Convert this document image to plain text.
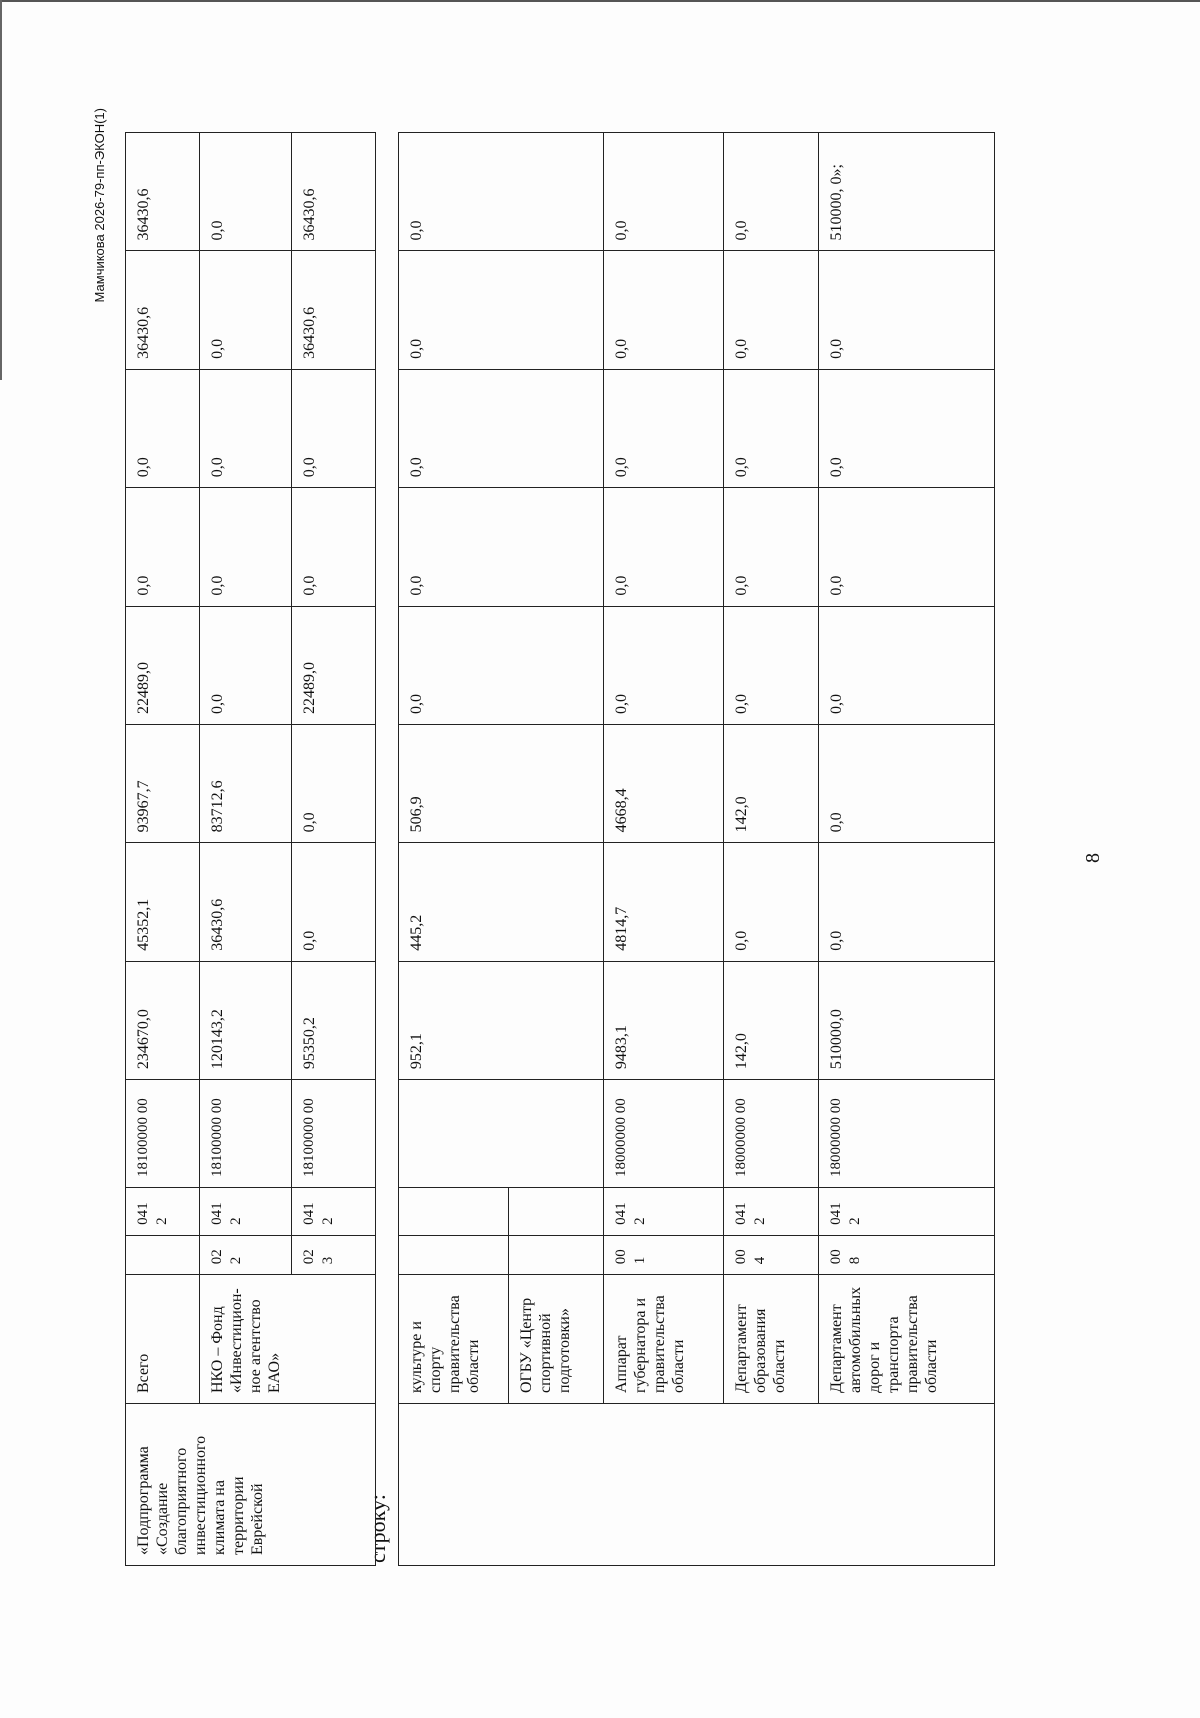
8
Мамчикова 2026-79-пп-ЭКОН(1)
	культуре и спорту правительства области				952,1	445,2	506,9	0,0	0,0	0,0	0,0	0,0
	ОГБУ «Центр спортивной подготовки»											
	Аппарат губернатора и правительства области	00 1	041 2	18000000 00	9483,1	4814,7	4668,4	0,0	0,0	0,0	0,0	0,0
	Департамент образования области	00 4	041 2	18000000 00	142,0	0,0	142,0	0,0	0,0	0,0	0,0	0,0
	Департамент автомобильных дорог и транспорта правительства области	00 8	041 2	18000000 00	510000,0	0,0	0,0	0,0	0,0	0,0	0,0	510000, 0»;
строку:
«Подпрограмма «Создание благоприятного инвестиционного климата на территории Еврейской	Всего		041 2	18100000 00	234670,0	45352,1	93967,7	22489,0	0,0	0,0	36430,6	36430,6
	НКО – Фонд «Инвестицион-ное агентство ЕАО»	02 2	041 2	18100000 00	120143,2	36430,6	83712,6	0,0	0,0	0,0	0,0	0,0
		02 3	041 2	18100000 00	95350,2	0,0	0,0	22489,0	0,0	0,0	36430,6	36430,6
